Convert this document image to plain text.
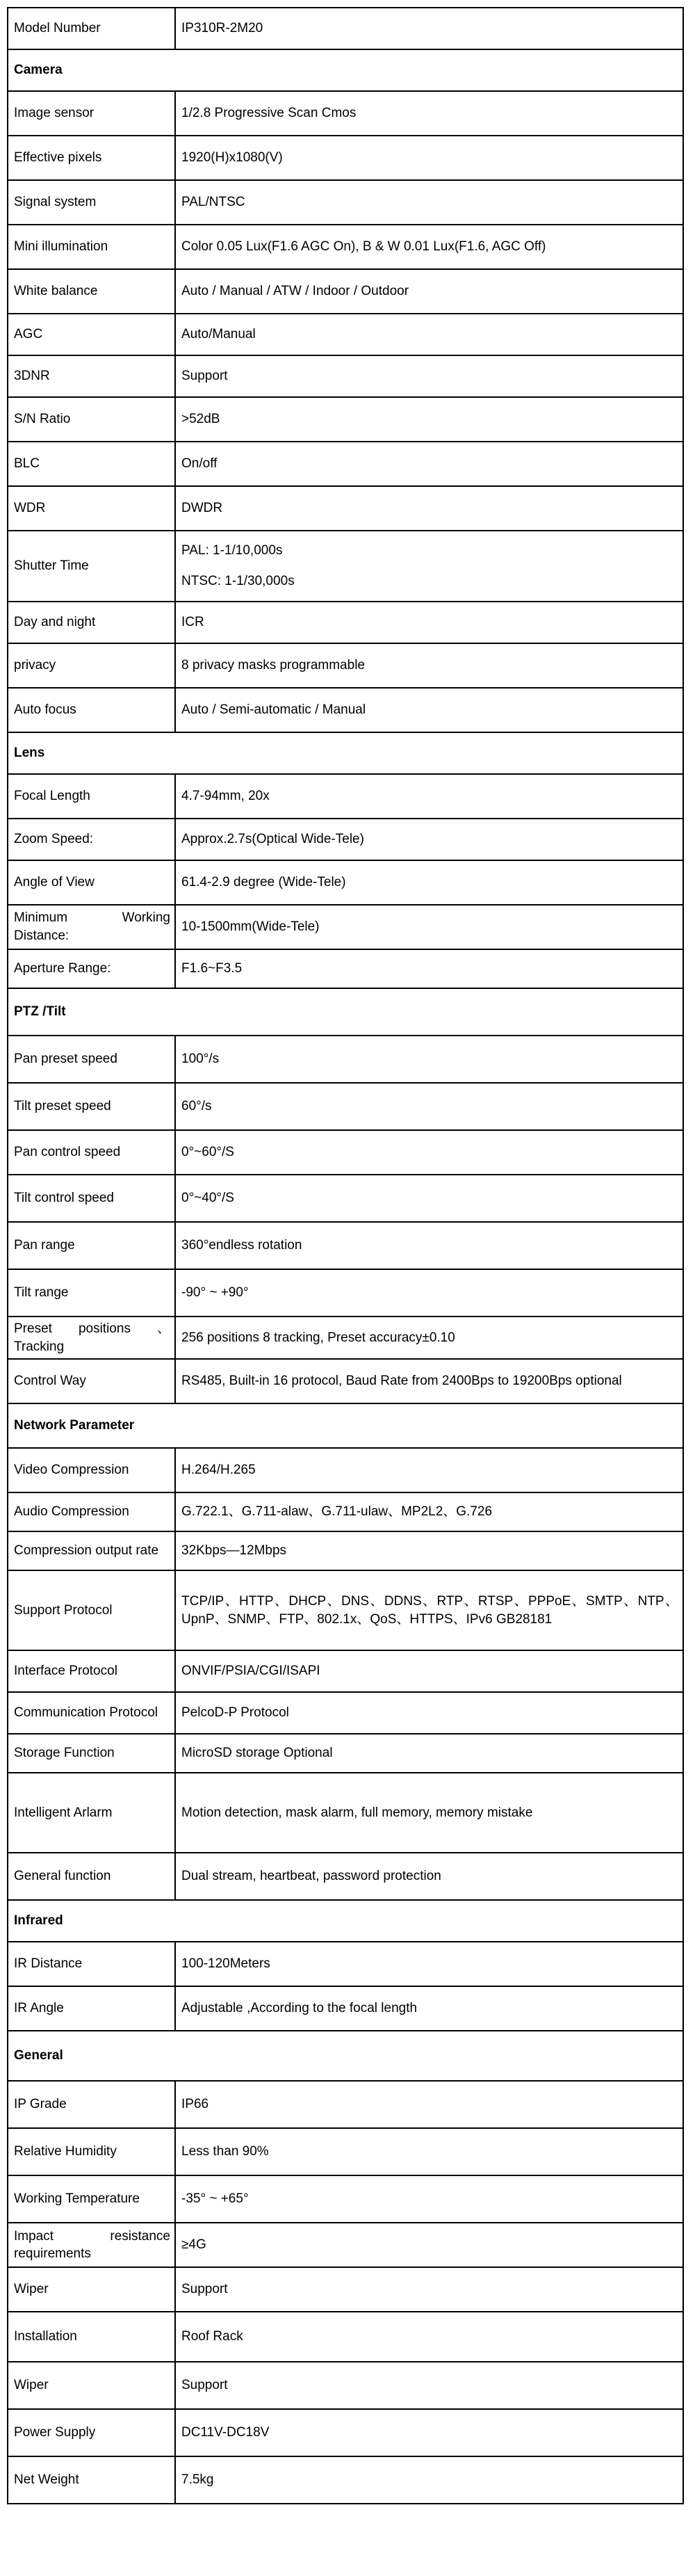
Model Number	IP310R-2M20

Camera	
Image sensor	1/2.8 Progressive Scan Cmos

Effective pixels	1920(H)x1080(V)

Signal system	PAL/NTSC

Mini illumination	Color 0.05 Lux(F1.6 AGC On), B & W 0.01 Lux(F1.6, AGC Off)

White balance	Auto / Manual / ATW / Indoor / Outdoor

AGC	Auto/Manual

3DNR	Support

S/N Ratio	>52dB

BLC	On/off

WDR	DWDR

Shutter Time	PAL: 1-1/10,000s
NTSC: 1-1/30,000s

Day and night	ICR

privacy	8 privacy masks programmable

Auto focus	Auto / Semi-automatic / Manual

Lens	
Focal Length	4.7-94mm, 20x

Zoom Speed:	Approx.2.7s(Optical Wide-Tele)

Angle of View	61.4-2.9 degree (Wide-Tele)

Minimum Working Distance:	10-1500mm(Wide-Tele)

Aperture Range:	F1.6~F3.5

PTZ /Tilt	
Pan preset speed	100°/s

Tilt preset speed	60°/s

Pan control speed	0°~60°/S

Tilt control speed	0°~40°/S

Pan range	360°endless rotation

Tilt range	-90° ~ +90°

Preset positions 、Tracking	256 positions 8 tracking, Preset accuracy±0.10

Control Way	RS485, Built-in 16 protocol, Baud Rate from 2400Bps to 19200Bps optional

Network Parameter	
Video Compression	H.264/H.265

Audio Compression	G.722.1、G.711-alaw、G.711-ulaw、MP2L2、G.726

Compression output rate	32Kbps—12Mbps

Support Protocol	TCP/IP、HTTP、DHCP、DNS、DDNS、RTP、RTSP、PPPoE、SMTP、NTP、UpnP、SNMP、FTP、802.1x、QoS、HTTPS、IPv6 GB28181

Interface Protocol	ONVIF/PSIA/CGI/ISAPI

Communication Protocol	PelcoD-P Protocol

Storage Function	MicroSD storage Optional

Intelligent Arlarm	Motion detection, mask alarm, full memory, memory mistake

General function	Dual stream, heartbeat, password protection

Infrared	
IR Distance	100-120Meters

IR Angle	Adjustable ,According to the focal length

General	
IP Grade	IP66

Relative Humidity	Less than 90%

Working Temperature	-35° ~ +65°

Impact resistance requirements	≥4G

Wiper	Support

Installation	Roof Rack

Wiper	Support

Power Supply	DC11V-DC18V

Net Weight	7.5kg
